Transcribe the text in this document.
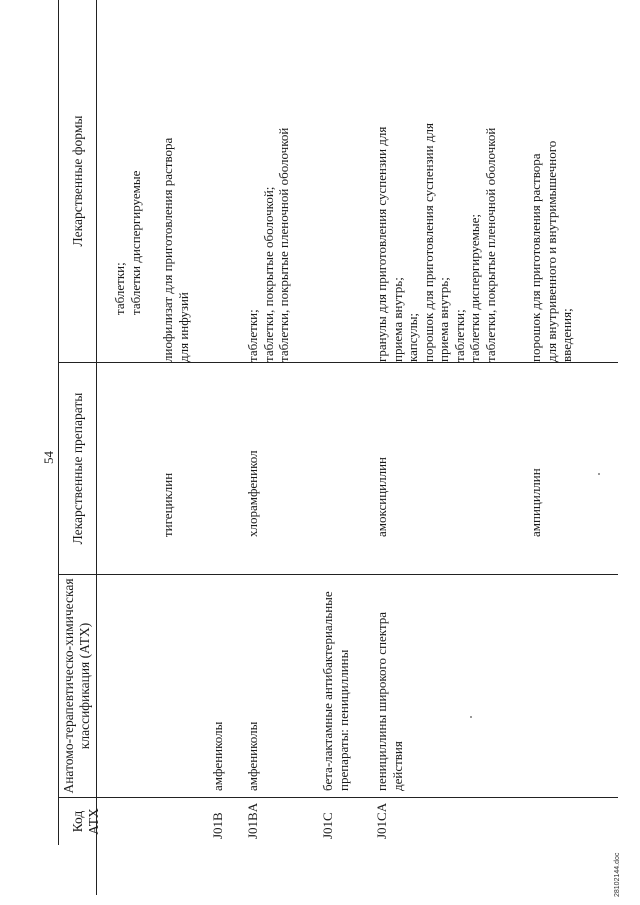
54
Код АТХ
Анатомо-терапевтическо-химическая классификация (АТХ)
Лекарственные препараты
Лекарственные формы
таблетки; таблетки диспергируемые
тигециклин
лиофилизат для приготовления раствора для инфузий
J01B
амфениколы
J01BA
амфениколы
хлорамфеникол
таблетки; таблетки, покрытые оболочкой; таблетки, покрытые пленочной оболочкой
J01C
бета-лактамные антибактериальные препараты: пенициллины
J01CA
пенициллины широкого спектра действия
амоксициллин
гранулы для приготовления суспензии для приема внутрь; капсулы; порошок для приготовления суспензии для приема внутрь; таблетки; таблетки диспергируемые; таблетки, покрытые пленочной оболочкой
ампициллин
порошок для приготовления раствора для внутривенного и внутримышечного введения;
28102144.doc
